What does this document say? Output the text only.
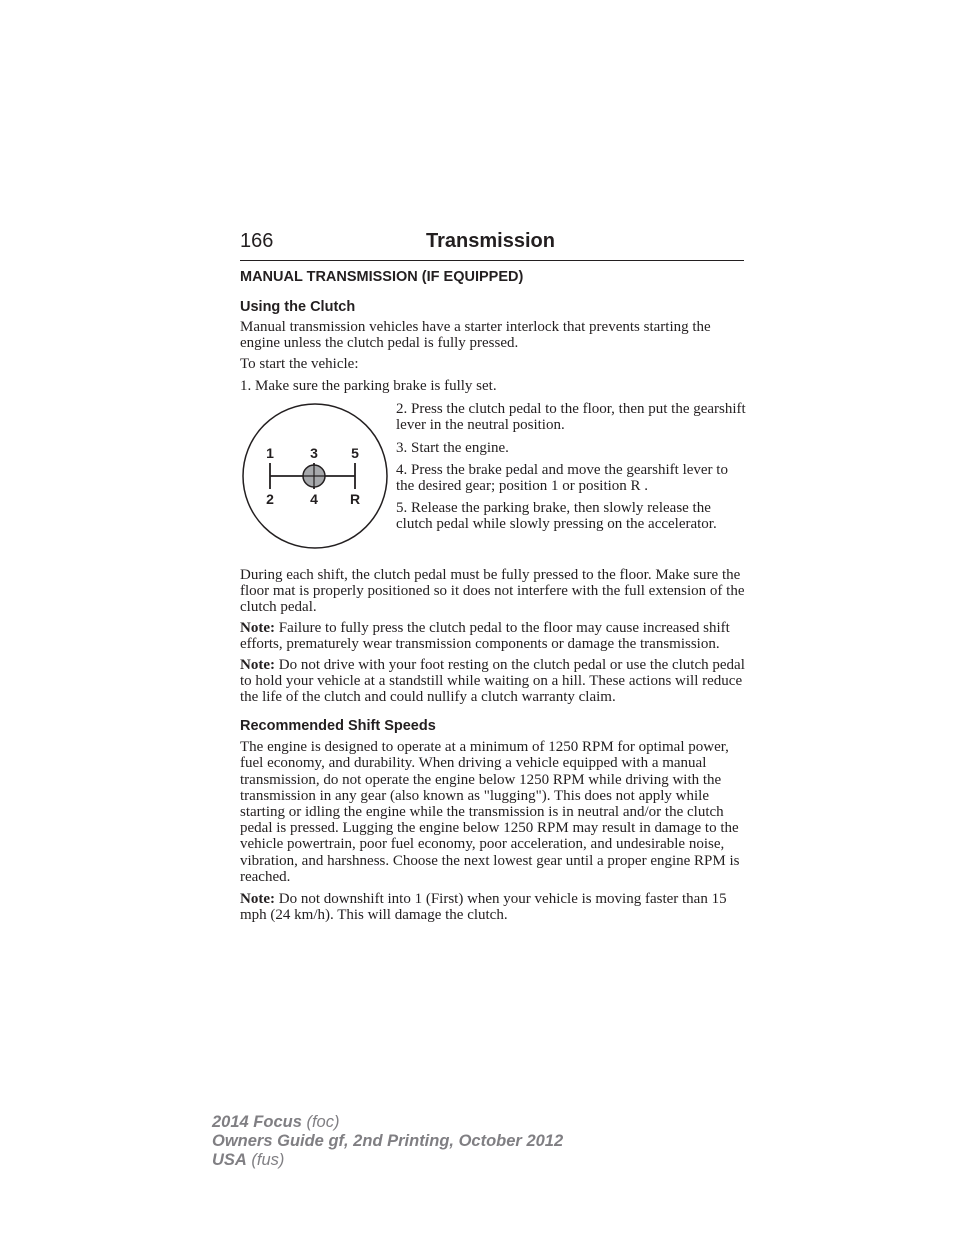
166	Transmission
MANUAL TRANSMISSION (IF EQUIPPED)
Using the Clutch

Manual transmission vehicles have a starter interlock that prevents starting the engine unless the clutch pedal is fully pressed.

To start the vehicle:

1. Make sure the parking brake is fully set.

1	3 5
2	4 R

2. Press the clutch pedal to the floor, then put the gearshift lever in the neutral position.

3. Start the engine.

4. Press the brake pedal and move the gearshift lever to the desired gear; position 1 or position R .

5. Release the parking brake, then slowly release the clutch pedal while slowly pressing on the accelerator.

During each shift, the clutch pedal must be fully pressed to the floor. Make sure the floor mat is properly positioned so it does not interfere with the full extension of the clutch pedal.

Note: Failure to fully press the clutch pedal to the floor may cause increased shift efforts, prematurely wear transmission components or damage the transmission.

Note: Do not drive with your foot resting on the clutch pedal or use the clutch pedal to hold your vehicle at a standstill while waiting on a hill. These actions will reduce the life of the clutch and could nullify a clutch warranty claim.

Recommended Shift Speeds

The engine is designed to operate at a minimum of 1250 RPM for optimal power, fuel economy, and durability. When driving a vehicle equipped with a manual transmission, do not operate the engine below 1250 RPM while driving with the transmission in any gear (also known as "lugging"). This does not apply while starting or idling the engine while the transmission is in neutral and/or the clutch pedal is pressed. Lugging the engine below 1250 RPM may result in damage to the vehicle powertrain, poor fuel economy, poor acceleration, and undesirable noise, vibration, and harshness. Choose the next lowest gear until a proper engine RPM is reached.

Note: Do not downshift into 1 (First) when your vehicle is moving faster than 15 mph (24 km/h). This will damage the clutch.

2014 Focus (foc)
Owners Guide gf, 2nd Printing, October 2012
USA (fus)
